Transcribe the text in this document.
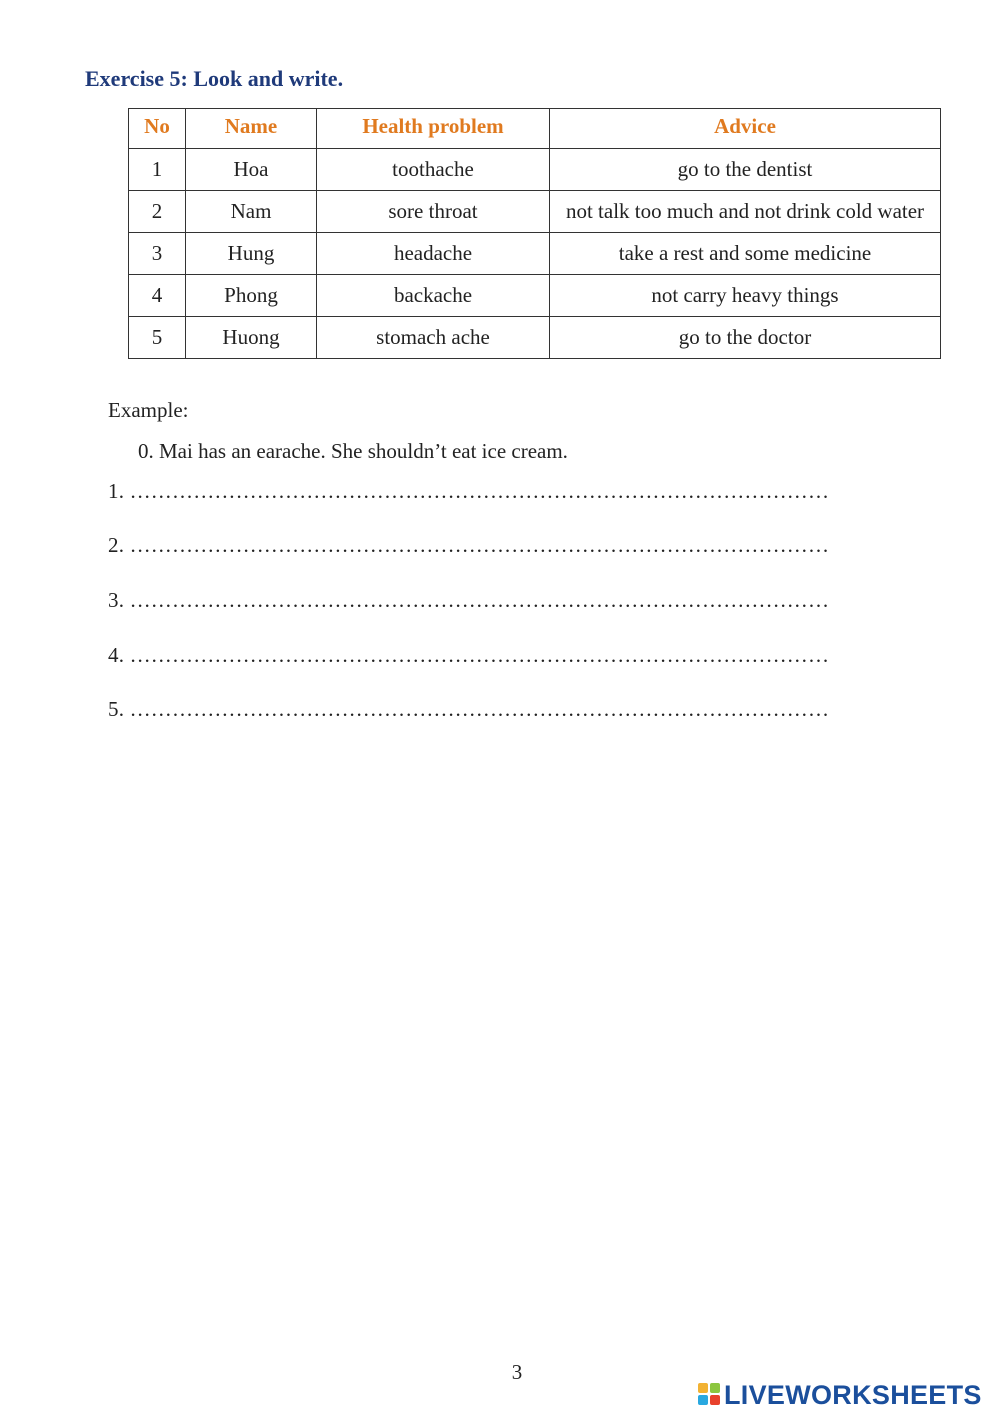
Exercise 5: Look and write.
No	Name	Health problem	Advice
1	Hoa	toothache	go to the dentist
2	Nam	sore throat	not talk too much and not drink cold water
3	Hung	headache	take a rest and some medicine
4	Phong	backache	not carry heavy things
5	Huong	stomach ache	go to the doctor
Example:
0. Mai has an earache. She shouldn’t eat ice cream.
1. ………………………………………………………………………………………
2. ………………………………………………………………………………………
3. ………………………………………………………………………………………
4. ………………………………………………………………………………………
5. ………………………………………………………………………………………
3
LIVEWORKSHEETS
